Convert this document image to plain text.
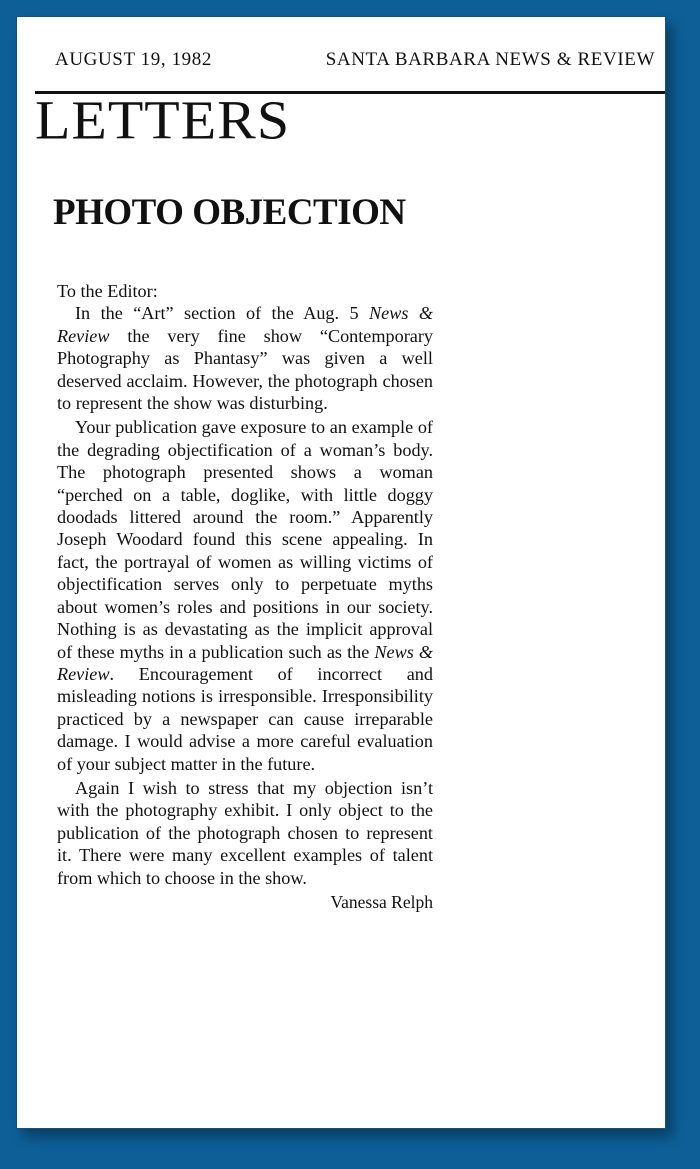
AUGUST 19, 1982	SANTA BARBARA NEWS & REVIEW
LETTERS
PHOTO OBJECTION

To the Editor:

In the “Art” section of the Aug. 5 News & Review the very fine show “Contemporary Photography as Phantasy” was given a well deserved acclaim. However, the photograph chosen to represent the show was disturbing.

Your publication gave exposure to an example of the degrading objectification of a woman’s body. The photograph presented shows a woman “perched on a table, doglike, with little doggy doodads littered around the room.” Apparently Joseph Woodard found this scene appealing. In fact, the portrayal of women as willing victims of objectification serves only to perpetuate myths about women’s roles and positions in our society. Nothing is as devastating as the implicit approval of these myths in a publication such as the News & Review. Encouragement of incorrect and misleading notions is irresponsible. Irresponsibility practiced by a newspaper can cause irreparable damage. I would advise a more careful evaluation of your subject matter in the future.

Again I wish to stress that my objection isn’t with the photography exhibit. I only object to the publication of the photograph chosen to represent it. There were many excellent examples of talent from which to choose in the show.

Vanessa Relph
